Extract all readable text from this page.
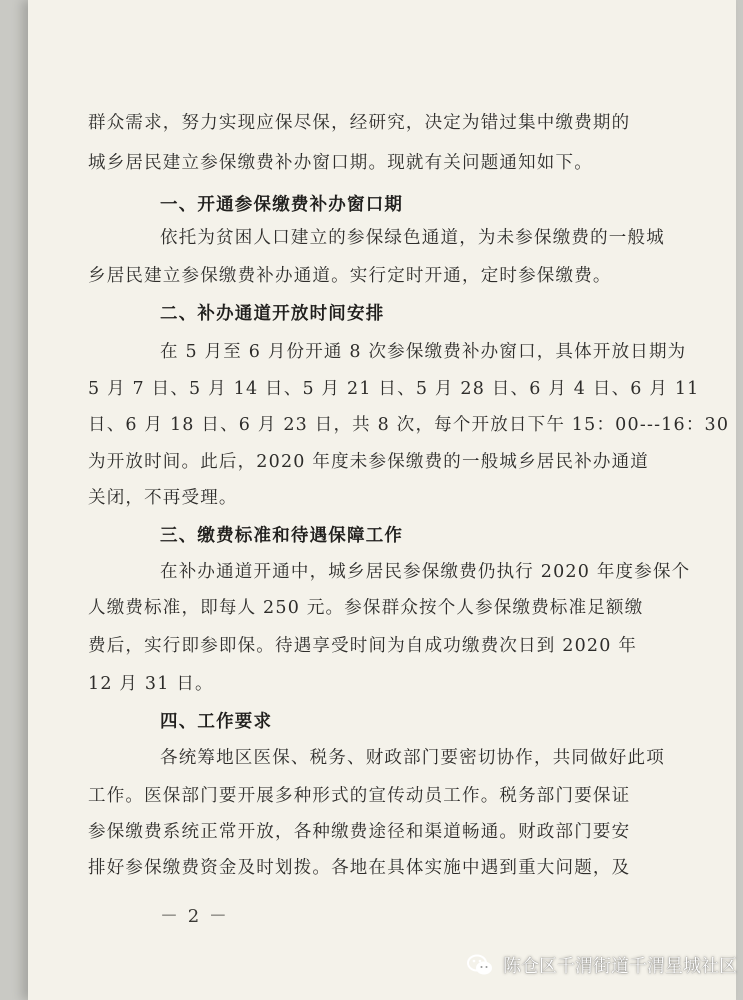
群众需求，努力实现应保尽保，经研究，决定为错过集中缴费期的
城乡居民建立参保缴费补办窗口期。现就有关问题通知如下。
一、开通参保缴费补办窗口期
依托为贫困人口建立的参保绿色通道，为未参保缴费的一般城
乡居民建立参保缴费补办通道。实行定时开通，定时参保缴费。
二、补办通道开放时间安排
在 5 月至 6 月份开通 8 次参保缴费补办窗口，具体开放日期为
5 月 7 日、5 月 14 日、5 月 21 日、5 月 28 日、6 月 4 日、6 月 11
日、6 月 18 日、6 月 23 日，共 8 次，每个开放日下午 15：00---16：30
为开放时间。此后，2020 年度未参保缴费的一般城乡居民补办通道
关闭，不再受理。
三、缴费标准和待遇保障工作
在补办通道开通中，城乡居民参保缴费仍执行 2020 年度参保个
人缴费标准，即每人 250 元。参保群众按个人参保缴费标准足额缴
费后，实行即参即保。待遇享受时间为自成功缴费次日到 2020 年
12 月 31 日。
四、工作要求
各统筹地区医保、税务、财政部门要密切协作，共同做好此项
工作。医保部门要开展多种形式的宣传动员工作。税务部门要保证
参保缴费系统正常开放，各种缴费途径和渠道畅通。财政部门要安
排好参保缴费资金及时划拨。各地在具体实施中遇到重大问题，及
－ 2 －
陈仓区千渭街道千渭星城社区
